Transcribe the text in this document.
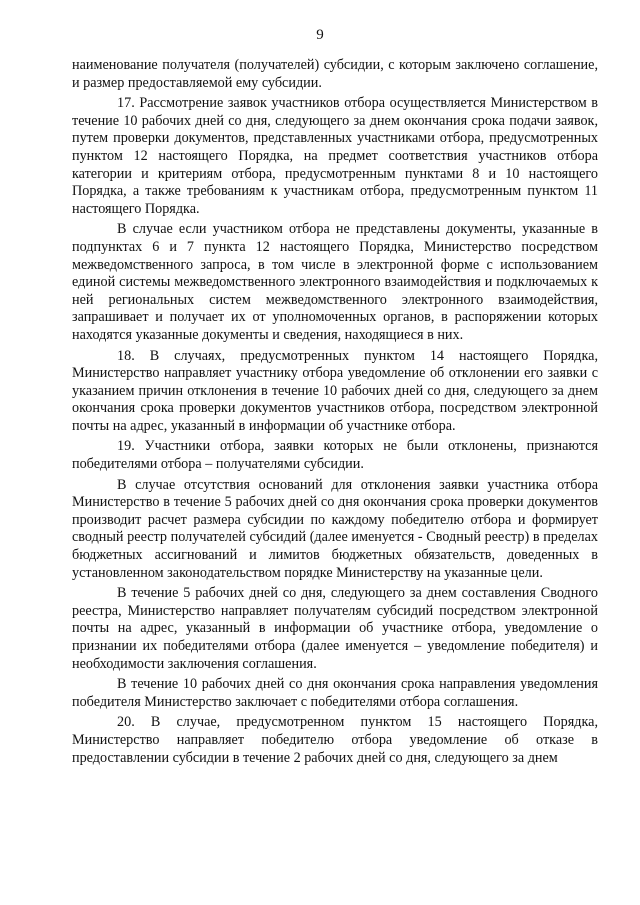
9

наименование получателя (получателей) субсидии, с которым заключено соглашение, и размер предоставляемой ему субсидии.

17. Рассмотрение заявок участников отбора осуществляется Министерством в течение 10 рабочих дней со дня, следующего за днем окончания срока подачи заявок, путем проверки документов, представленных участниками отбора, предусмотренных пунктом 12 настоящего Порядка, на предмет соответствия участников отбора категории и критериям отбора, предусмотренным пунктами 8 и 10 настоящего Порядка, а также требованиям к участникам отбора, предусмотренным пунктом 11 настоящего Порядка.

В случае если участником отбора не представлены документы, указанные в подпунктах 6 и 7 пункта 12 настоящего Порядка, Министерство посредством межведомственного запроса, в том числе в электронной форме с использованием единой системы межведомственного электронного взаимодействия и подключаемых к ней региональных систем межведомственного электронного взаимодействия, запрашивает и получает их от уполномоченных органов, в распоряжении которых находятся указанные документы и сведения, находящиеся в них.

18. В случаях, предусмотренных пунктом 14 настоящего Порядка, Министерство направляет участнику отбора уведомление об отклонении его заявки с указанием причин отклонения в течение 10 рабочих дней со дня, следующего за днем окончания срока проверки документов участников отбора, посредством электронной почты на адрес, указанный в информации об участнике отбора.

19. Участники отбора, заявки которых не были отклонены, признаются победителями отбора – получателями субсидии.

В случае отсутствия оснований для отклонения заявки участника отбора Министерство в течение 5 рабочих дней со дня окончания срока проверки документов производит расчет размера субсидии по каждому победителю отбора и формирует сводный реестр получателей субсидий (далее именуется - Сводный реестр) в пределах бюджетных ассигнований и лимитов бюджетных обязательств, доведенных в установленном законодательством порядке Министерству на указанные цели.

В течение 5 рабочих дней со дня, следующего за днем составления Сводного реестра, Министерство направляет получателям субсидий посредством электронной почты на адрес, указанный в информации об участнике отбора, уведомление о признании их победителями отбора (далее именуется – уведомление победителя) и необходимости заключения соглашения.

В течение 10 рабочих дней со дня окончания срока направления уведомления победителя Министерство заключает с победителями отбора соглашения.

20. В случае, предусмотренном пунктом 15 настоящего Порядка, Министерство направляет победителю отбора уведомление об отказе в предоставлении субсидии в течение 2 рабочих дней со дня, следующего за днем
